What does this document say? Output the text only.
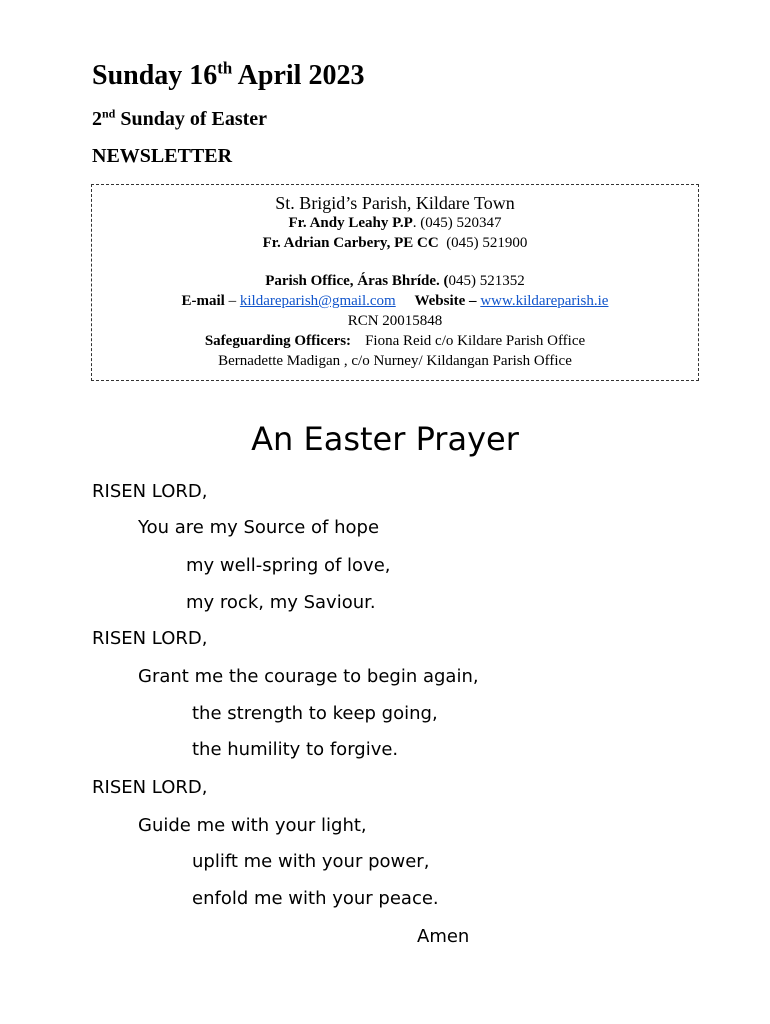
Sunday 16th April 2023
2nd Sunday of Easter
NEWSLETTER
St. Brigid’s Parish, Kildare Town
Fr. Andy Leahy P.P. (045) 520347
Fr. Adrian Carbery, PE CC (045) 521900
Parish Office, Áras Bhríde. (045) 521352
E-mail – kildareparish@gmail.com Website – www.kildareparish.ie
RCN 20015848
Safeguarding Officers: Fiona Reid c/o Kildare Parish Office
Bernadette Madigan , c/o Nurney/ Kildangan Parish Office
An Easter Prayer
RISEN LORD,
You are my Source of hope
my well-spring of love,
my rock, my Saviour.
RISEN LORD,
Grant me the courage to begin again,
the strength to keep going,
the humility to forgive.
RISEN LORD,
Guide me with your light,
uplift me with your power,
enfold me with your peace.
Amen
